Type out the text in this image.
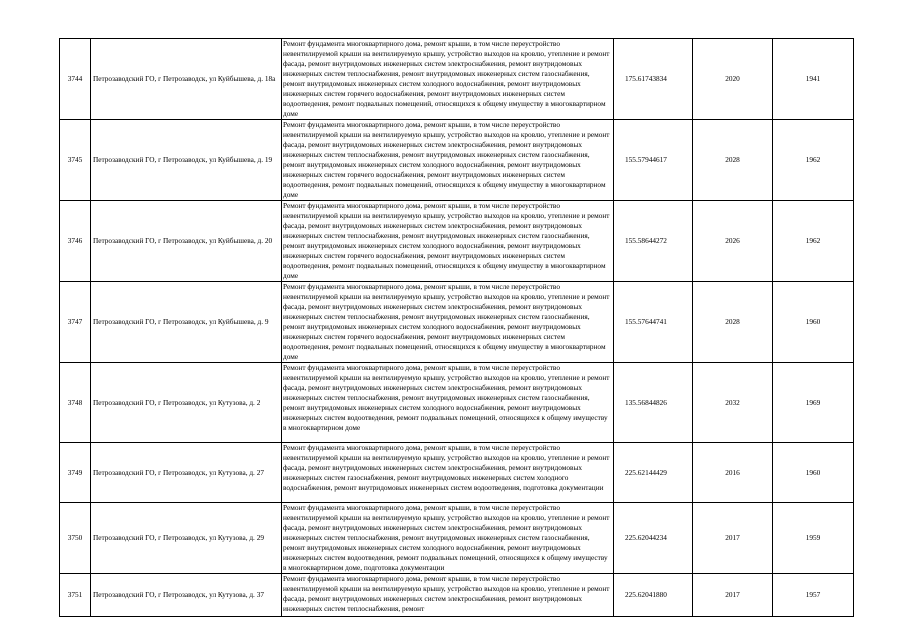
3744	Петрозаводский ГО, г Петрозаводск, ул Куйбышева, д. 18а	Ремонт фундамента многоквартирного дома, ремонт крыши, в том числе переустройство невентилируемой крыши на вентилируемую крышу, устройство выходов на кровлю, утепление и ремонт фасада, ремонт внутридомовых инженерных систем электроснабжения, ремонт внутридомовых инженерных систем теплоснабжения, ремонт внутридомовых инженерных систем газоснабжения, ремонт внутридомовых инженерных систем холодного водоснабжения, ремонт внутридомовых инженерных систем горячего водоснабжения, ремонт внутридомовых инженерных систем водоотведения, ремонт подвальных помещений, относящихся к общему имуществу в многоквартирном доме	175.61743834	2020	1941
3745	Петрозаводский ГО, г Петрозаводск, ул Куйбышева, д. 19	Ремонт фундамента многоквартирного дома, ремонт крыши, в том числе переустройство невентилируемой крыши на вентилируемую крышу, устройство выходов на кровлю, утепление и ремонт фасада, ремонт внутридомовых инженерных систем электроснабжения, ремонт внутридомовых инженерных систем теплоснабжения, ремонт внутридомовых инженерных систем газоснабжения, ремонт внутридомовых инженерных систем холодного водоснабжения, ремонт внутридомовых инженерных систем горячего водоснабжения, ремонт внутридомовых инженерных систем водоотведения, ремонт подвальных помещений, относящихся к общему имуществу в многоквартирном доме	155.57944617	2028	1962
3746	Петрозаводский ГО, г Петрозаводск, ул Куйбышева, д. 20	Ремонт фундамента многоквартирного дома, ремонт крыши, в том числе переустройство невентилируемой крыши на вентилируемую крышу, устройство выходов на кровлю, утепление и ремонт фасада, ремонт внутридомовых инженерных систем электроснабжения, ремонт внутридомовых инженерных систем теплоснабжения, ремонт внутридомовых инженерных систем газоснабжения, ремонт внутридомовых инженерных систем холодного водоснабжения, ремонт внутридомовых инженерных систем горячего водоснабжения, ремонт внутридомовых инженерных систем водоотведения, ремонт подвальных помещений, относящихся к общему имуществу в многоквартирном доме	155.58644272	2026	1962
3747	Петрозаводский ГО, г Петрозаводск, ул Куйбышева, д. 9	Ремонт фундамента многоквартирного дома, ремонт крыши, в том числе переустройство невентилируемой крыши на вентилируемую крышу, устройство выходов на кровлю, утепление и ремонт фасада, ремонт внутридомовых инженерных систем электроснабжения, ремонт внутридомовых инженерных систем теплоснабжения, ремонт внутридомовых инженерных систем газоснабжения, ремонт внутридомовых инженерных систем холодного водоснабжения, ремонт внутридомовых инженерных систем горячего водоснабжения, ремонт внутридомовых инженерных систем водоотведения, ремонт подвальных помещений, относящихся к общему имуществу в многоквартирном доме	155.57644741	2028	1960
3748	Петрозаводский ГО, г Петрозаводск, ул Кутузова, д. 2	Ремонт фундамента многоквартирного дома, ремонт крыши, в том числе переустройство невентилируемой крыши на вентилируемую крышу, устройство выходов на кровлю, утепление и ремонт фасада, ремонт внутридомовых инженерных систем электроснабжения, ремонт внутридомовых инженерных систем теплоснабжения, ремонт внутридомовых инженерных систем газоснабжения, ремонт внутридомовых инженерных систем холодного водоснабжения, ремонт внутридомовых инженерных систем водоотведения, ремонт подвальных помещений, относящихся к общему имуществу в многоквартирном доме	135.56844826	2032	1969
3749	Петрозаводский ГО, г Петрозаводск, ул Кутузова, д. 27	Ремонт фундамента многоквартирного дома, ремонт крыши, в том числе переустройство невентилируемой крыши на вентилируемую крышу, устройство выходов на кровлю, утепление и ремонт фасада, ремонт внутридомовых инженерных систем электроснабжения, ремонт внутридомовых инженерных систем газоснабжения, ремонт внутридомовых инженерных систем холодного водоснабжения, ремонт внутридомовых инженерных систем водоотведения, подготовка документации	225.62144429	2016	1960
3750	Петрозаводский ГО, г Петрозаводск, ул Кутузова, д. 29	Ремонт фундамента многоквартирного дома, ремонт крыши, в том числе переустройство невентилируемой крыши на вентилируемую крышу, устройство выходов на кровлю, утепление и ремонт фасада, ремонт внутридомовых инженерных систем электроснабжения, ремонт внутридомовых инженерных систем теплоснабжения, ремонт внутридомовых инженерных систем газоснабжения, ремонт внутридомовых инженерных систем холодного водоснабжения, ремонт внутридомовых инженерных систем водоотведения, ремонт подвальных помещений, относящихся к общему имуществу в многоквартирном доме, подготовка документации	225.62044234	2017	1959
3751	Петрозаводский ГО, г Петрозаводск, ул Кутузова, д. 37	Ремонт фундамента многоквартирного дома, ремонт крыши, в том числе переустройство невентилируемой крыши на вентилируемую крышу, устройство выходов на кровлю, утепление и ремонт фасада, ремонт внутридомовых инженерных систем электроснабжения, ремонт внутридомовых инженерных систем теплоснабжения, ремонт	225.62041880	2017	1957
